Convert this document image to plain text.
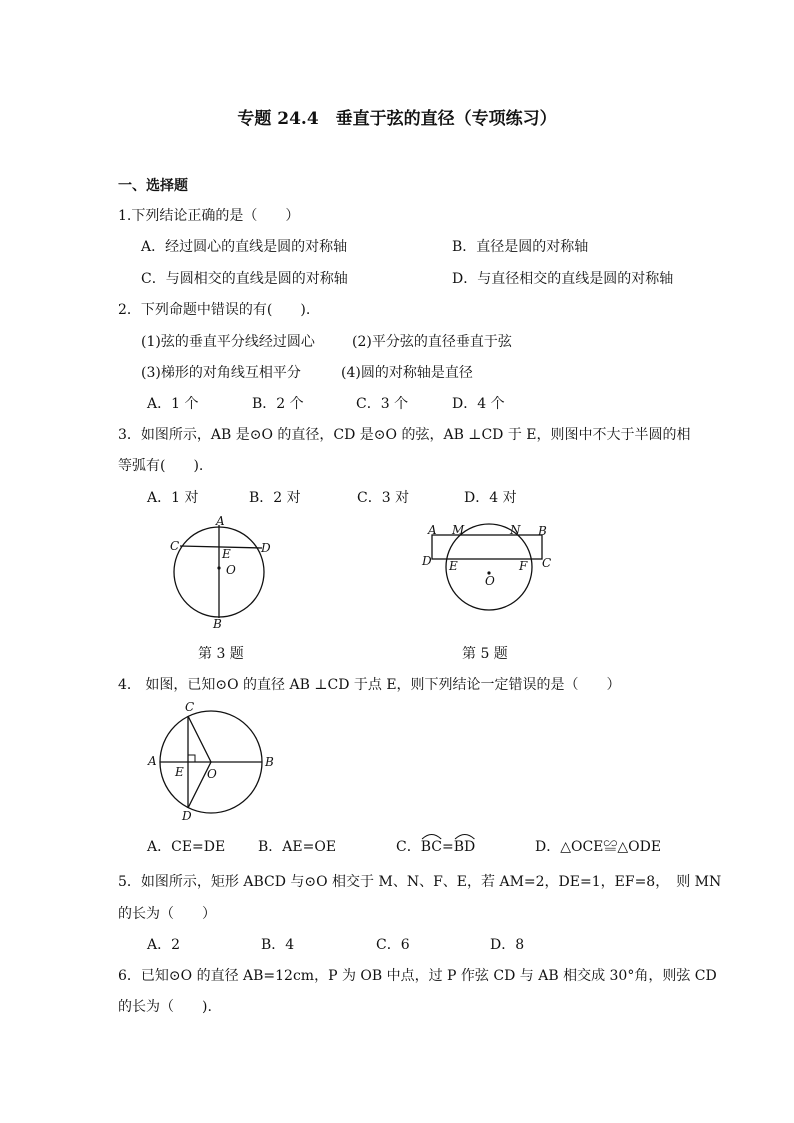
专题 24.4　垂直于弦的直径（专项练习）
一、选择题
1.下列结论正确的是（　　）
A．经过圆心的直线是圆的对称轴	B．直径是圆的对称轴
C．与圆相交的直线是圆的对称轴	D．与直径相交的直线是圆的对称轴
2．下列命题中错误的有(　　).
(1)弦的垂直平分线经过圆心	(2)平分弦的直径垂直于弦
(3)梯形的对角线互相平分	(4)圆的对称轴是直径
A．1 个	B．2 个	C．3 个	D．4 个
3．如图所示，AB 是⊙O 的直径，CD 是⊙O 的弦，AB ⊥CD 于 E，则图中不大于半圆的相
等弧有(　　).
A．1 对	B．2 对	C．3 对	D．4 对
A
C	D
E
O
B
第 3 题
A M	N B
D E	F C
O
第 5 题
4． 如图，已知⊙O 的直径 AB ⊥CD 于点 E，则下列结论一定错误的是（　　）
C
A
E O
B
D
A．CE=DE B．AE=OE	C．
BC=
BD	D．△OCE≌△ODE
5．如图所示，矩形 ABCD 与⊙O 相交于 M、N、F、E，若 AM=2，DE=1，EF=8，　则 MN
的长为（　　）
A．2	B．4	C．6	D．8
6．已知⊙O 的直径 AB=12cm，P 为 OB 中点，过 P 作弦 CD 与 AB 相交成 30°角，则弦 CD
的长为（　　).
